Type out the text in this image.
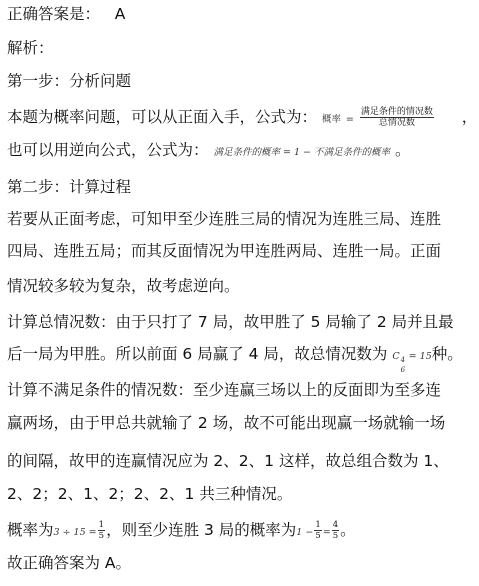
正确答案是： A
解析：
第一步：分析问题
本题为概率问题，可以从正面入手，公式为： 概率 = $\frac{\text{满足条件的情况数}}{\text{总情况数}}$ ，
也可以用逆向公式，公式为： 满足条件的概率 = 1 − 不满足条件的概率 。
第二步：计算过程
若要从正面考虑，可知甲至少连胜三局的情况为连胜三局、连胜
四局、连胜五局；而其反面情况为甲连胜两局、连胜一局。正面
情况较多较为复杂，故考虑逆向。
计算总情况数：由于只打了 7 局，故甲胜了 5 局输了 2 局并且最
后一局为甲胜。所以前面 6 局赢了 4 局，故总情况数为 C 4
6
= 15种。
计算不满足条件的情况数：至少连赢三场以上的反面即为至多连
赢两场，由于甲总共就输了 2 场，故不可能出现赢一场就输一场
的间隔，故甲的连赢情况应为 2、2、1 这样，故总组合数为 1、
2、2；2、1、2；2、2、1 共三种情况。
概率为$3 \div 15 = \frac{1}{5}$ ，则至少连胜 3 局的概率为$1 - \frac{1}{5} = \frac{4}{5}$ 。
故正确答案为 A。
